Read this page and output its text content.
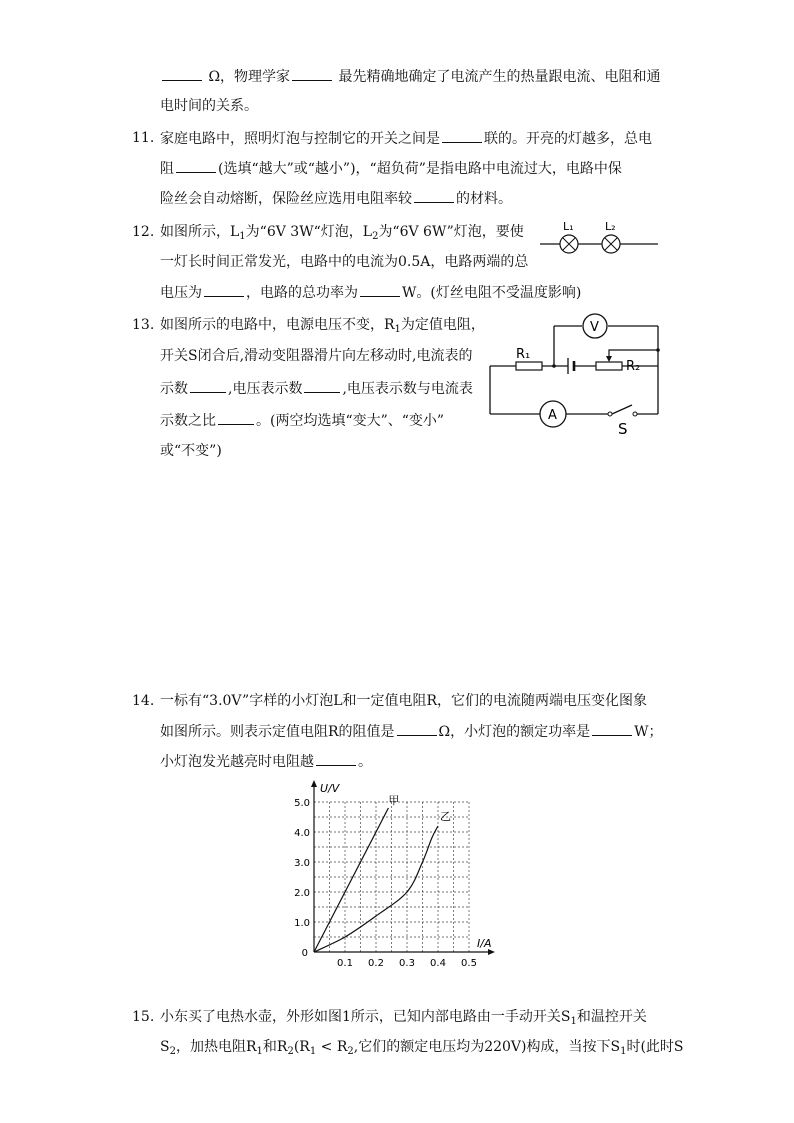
Ω，物理学家	最先精确地确定了电流产生的热量跟电流、电阻和通
电时间的关系。
11. 家庭电路中，照明灯泡与控制它的开关之间是	联的。开亮的灯越多，总电
阻	(选填“越大”或“越小”)，“超负荷”是指电路中电流过大，电路中保
险丝会自动熔断，保险丝应选用电阻率较	的材料。
12. 如图所示，$L_1$为“6V 3W“灯泡，$L_2$为“6V 6W”灯泡，要使
一灯长时间正常发光，电路中的电流为0.5A，电路两端的总
电压为	，电路的总功率为	W。(灯丝电阻不受温度影响)
L₁	L₂
13. 如图所示的电路中，电源电压不变，$R_1$为定值电阻，
开关S闭合后,滑动变阻器滑片向左移动时,电流表的
示数	,电压表示数	,电压表示数与电流表
示数之比	。(两空均选填“变大”、“变小”
或“不变”)
V
A
R₁
R₂
S
14. 一标有“3.0V”字样的小灯泡L和一定值电阻R，它们的电流随两端电压变化图象
如图所示。则表示定值电阻R的阻值是	Ω，小灯泡的额定功率是	W；
小灯泡发光越亮时电阻越	。
0.1 0.2 0.3 0.4 0.5
1.0
2.0
3.0
4.0
5.0
0
I/A
U/V
甲
乙
15. 小东买了电热水壶，外形如图1所示，已知内部电路由一手动开关$S_1$和温控开关
$S_2$，加热电阻$R_1$和$R_2(R_1 < R_2$,它们的额定电压均为220V)构成，当按下$S_1$时(此时S
